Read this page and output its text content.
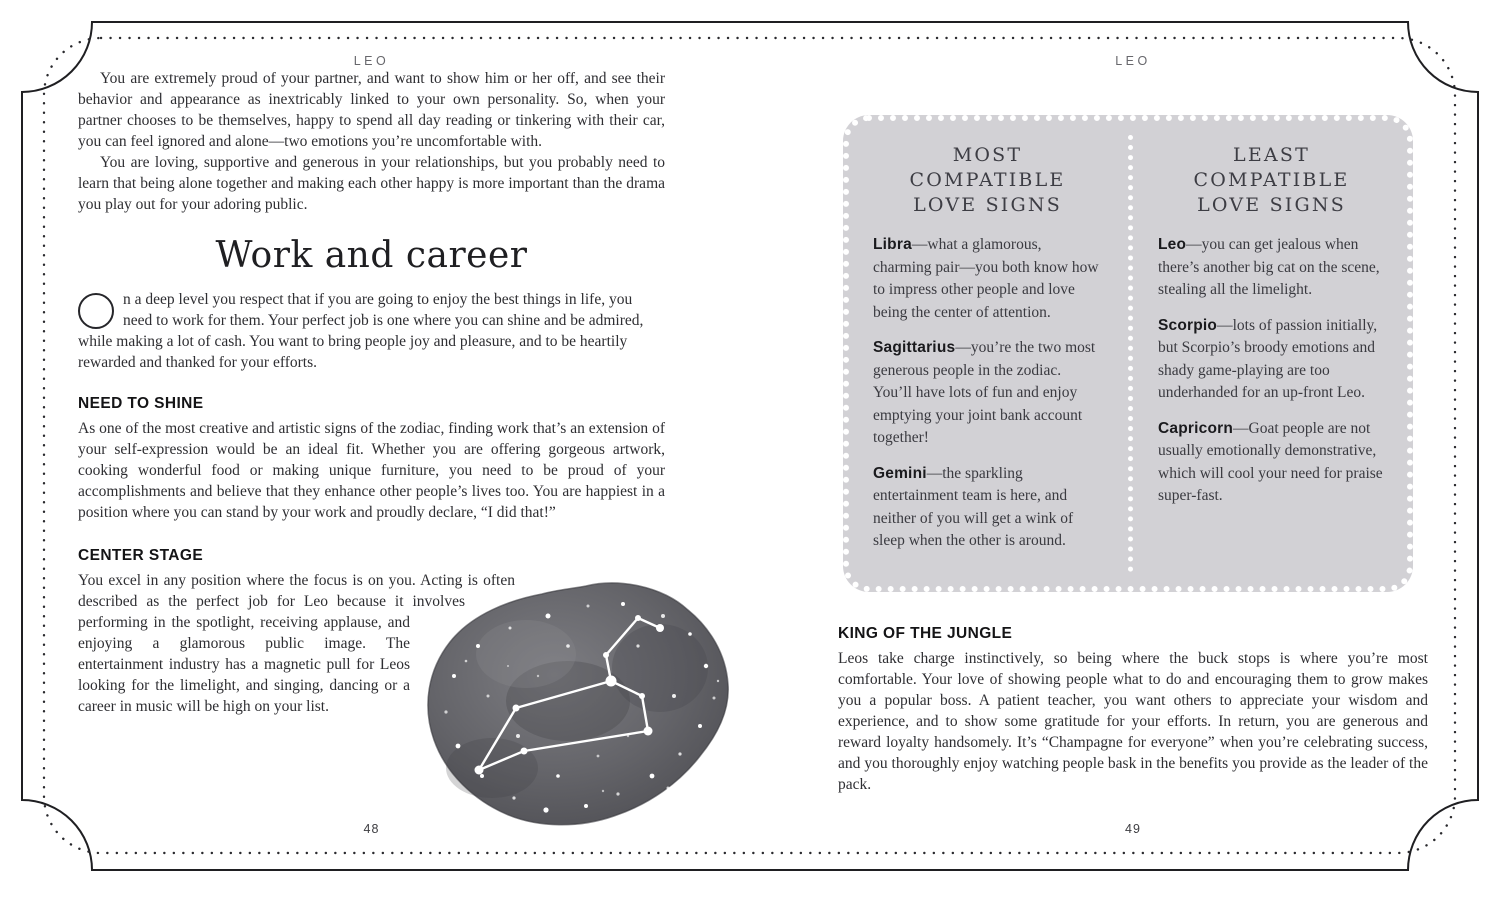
LEO

You are extremely proud of your partner, and want to show him or her off, and see their behavior and appearance as inextricably linked to your own personality. So, when your partner chooses to be themselves, happy to spend all day reading or tinkering with their car, you can feel ignored and alone—two emotions you’re uncomfortable with.

You are loving, supportive and generous in your relationships, but you probably need to learn that being alone together and making each other happy is more important than the drama you play out for your adoring public.

Work and career

n a deep level you respect that if you are going to enjoy the best things in life, you need to work for them. Your perfect job is one where you can shine and be admired, while making a lot of cash. You want to bring people joy and pleasure, and to be heartily rewarded and thanked for your efforts.

NEED TO SHINE

As one of the most creative and artistic signs of the zodiac, finding work that’s an extension of your self-expression would be an ideal fit. Whether you are offering gorgeous artwork, cooking wonderful food or making unique furniture, you need to be proud of your accomplishments and believe that they enhance other people’s lives too. You are happiest in a position where you can stand by your work and proudly declare, “I did that!”

CENTER STAGE

You excel in any position where the focus is on you. Acting is often described as the perfect job for Leo because it involves performing in the spotlight, receiving applause, and enjoying a glamorous public image. The entertainment industry has a magnetic pull for Leos looking for the limelight, and singing, dancing or a career in music will be high on your list.

LEO
MOST COMPATIBLE
LOVE SIGNS

Libra—what a glamorous, charming pair—you both know how to impress other people and love being the center of attention.

Sagittarius—you’re the two most generous people in the zodiac. You’ll have lots of fun and enjoy emptying your joint bank account together!

Gemini—the sparkling entertainment team is here, and neither of you will get a wink of sleep when the other is around.

LEAST COMPATIBLE
LOVE SIGNS

Leo—you can get jealous when there’s another big cat on the scene, stealing all the limelight.

Scorpio—lots of passion initially, but Scorpio’s broody emotions and shady game-playing are too underhanded for an up-front Leo.

Capricorn—Goat people are not usually emotionally demonstrative, which will cool your need for praise super-fast.

KING OF THE JUNGLE

Leos take charge instinctively, so being where the buck stops is where you’re most comfortable. Your love of showing people what to do and encouraging them to grow makes you a popular boss. A patient teacher, you want others to appreciate your wisdom and experience, and to show some gratitude for your efforts. In return, you are generous and reward loyalty handsomely. It’s “Champagne for everyone” when you’re celebrating success, and you thoroughly enjoy watching people bask in the benefits you provide as the leader of the pack.

48	49
